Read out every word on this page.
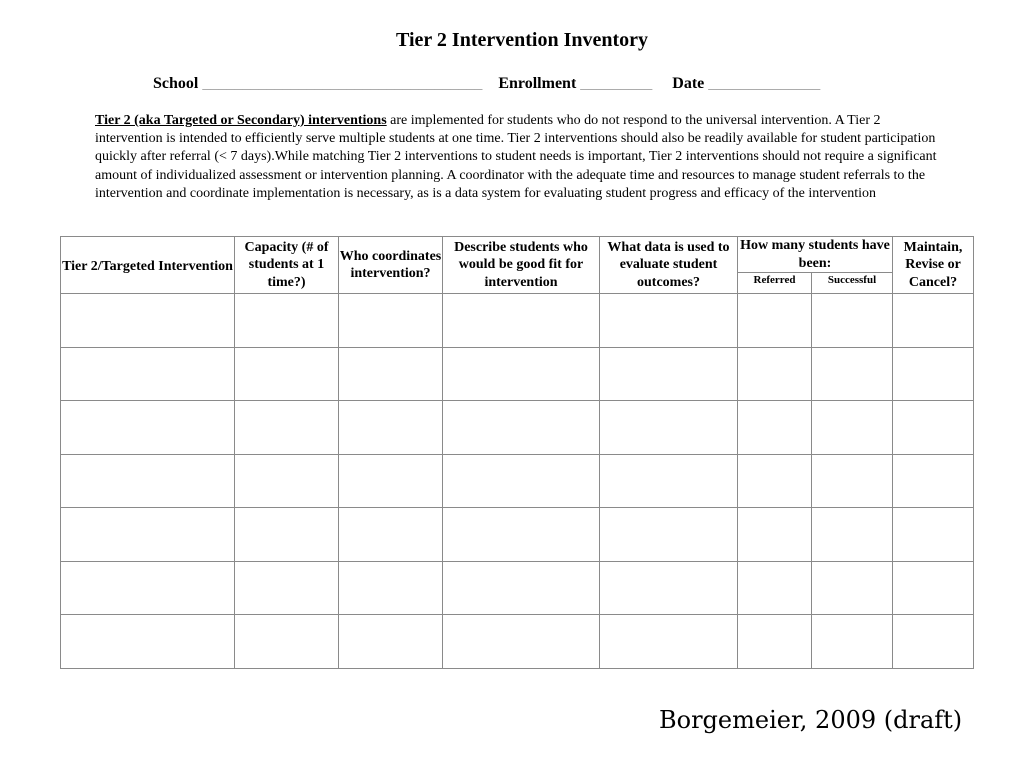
Tier 2 Intervention Inventory
School ___________________________________ Enrollment _________ Date ______________
Tier 2 (aka Targeted or Secondary) interventions are implemented for students who do not respond to the universal intervention. A Tier 2 intervention is intended to efficiently serve multiple students at one time. Tier 2 interventions should also be readily available for student participation quickly after referral (< 7 days).While matching Tier 2 interventions to student needs is important, Tier 2 interventions should not require a significant amount of individualized assessment or intervention planning. A coordinator with the adequate time and resources to manage student referrals to the intervention and coordinate implementation is necessary, as is a data system for evaluating student progress and efficacy of the intervention
Tier 2/Targeted Intervention	Capacity (# of students at 1 time?)	Who coordinates intervention?	Describe students who would be good fit for intervention	What data is used to evaluate student outcomes?	How many students have been:		Maintain, Revise or Cancel?
					Referred	Successful	

Borgemeier, 2009 (draft)
